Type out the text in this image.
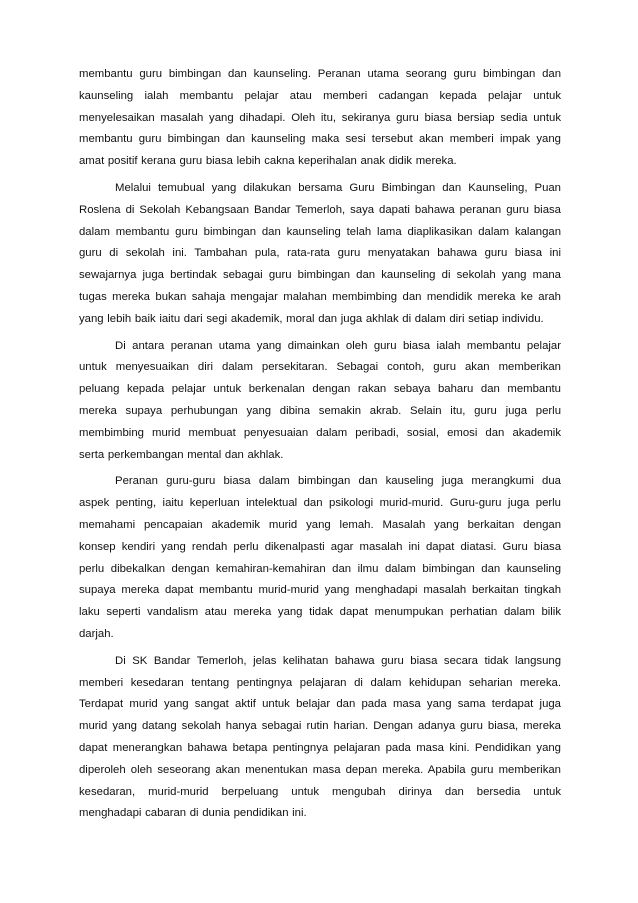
membantu guru bimbingan dan kaunseling. Peranan utama seorang guru bimbingan dan
kaunseling ialah membantu pelajar atau memberi cadangan kepada pelajar untuk
menyelesaikan masalah yang dihadapi. Oleh itu, sekiranya guru biasa bersiap sedia untuk
membantu guru bimbingan dan kaunseling maka sesi tersebut akan memberi impak yang
amat positif kerana guru biasa lebih cakna keperihalan anak didik mereka.
Melalui temubual yang dilakukan bersama Guru Bimbingan dan Kaunseling, Puan
Roslena di Sekolah Kebangsaan Bandar Temerloh, saya dapati bahawa peranan guru biasa
dalam membantu guru bimbingan dan kaunseling telah lama diaplikasikan dalam kalangan
guru di sekolah ini. Tambahan pula, rata-rata guru menyatakan bahawa guru biasa ini
sewajarnya juga bertindak sebagai guru bimbingan dan kaunseling di sekolah yang mana
tugas mereka bukan sahaja mengajar malahan membimbing dan mendidik mereka ke arah
yang lebih baik iaitu dari segi akademik, moral dan juga akhlak di dalam diri setiap individu.
Di antara peranan utama yang dimainkan oleh guru biasa ialah membantu pelajar
untuk menyesuaikan diri dalam persekitaran. Sebagai contoh, guru akan memberikan
peluang kepada pelajar untuk berkenalan dengan rakan sebaya baharu dan membantu
mereka supaya perhubungan yang dibina semakin akrab. Selain itu, guru juga perlu
membimbing murid membuat penyesuaian dalam peribadi, sosial, emosi dan akademik
serta perkembangan mental dan akhlak.
Peranan guru-guru biasa dalam bimbingan dan kauseling juga merangkumi dua
aspek penting, iaitu keperluan intelektual dan psikologi murid-murid. Guru-guru juga perlu
memahami pencapaian akademik murid yang lemah. Masalah yang berkaitan dengan
konsep kendiri yang rendah perlu dikenalpasti agar masalah ini dapat diatasi. Guru biasa
perlu dibekalkan dengan kemahiran-kemahiran dan ilmu dalam bimbingan dan kaunseling
supaya mereka dapat membantu murid-murid yang menghadapi masalah berkaitan tingkah
laku seperti vandalism atau mereka yang tidak dapat menumpukan perhatian dalam bilik
darjah.
Di SK Bandar Temerloh, jelas kelihatan bahawa guru biasa secara tidak langsung
memberi kesedaran tentang pentingnya pelajaran di dalam kehidupan seharian mereka.
Terdapat murid yang sangat aktif untuk belajar dan pada masa yang sama terdapat juga
murid yang datang sekolah hanya sebagai rutin harian. Dengan adanya guru biasa, mereka
dapat menerangkan bahawa betapa pentingnya pelajaran pada masa kini. Pendidikan yang
diperoleh oleh seseorang akan menentukan masa depan mereka. Apabila guru memberikan
kesedaran, murid-murid berpeluang untuk mengubah dirinya dan bersedia untuk
menghadapi cabaran di dunia pendidikan ini.
